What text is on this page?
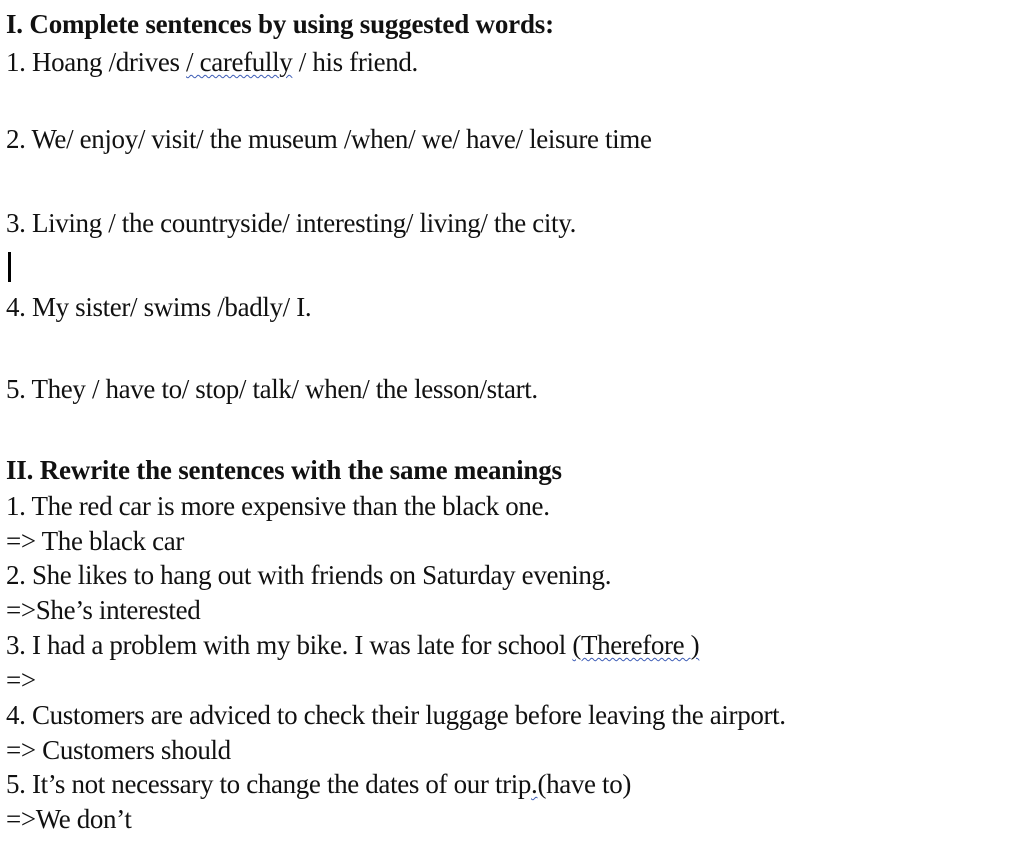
I. Complete sentences by using suggested words:
1. Hoang /drives / carefully / his friend.
2. We/ enjoy/ visit/ the museum /when/ we/ have/ leisure time
3. Living / the countryside/ interesting/ living/ the city.
4. My sister/ swims /badly/ I.
5. They / have to/ stop/ talk/ when/ the lesson/start.
II. Rewrite the sentences with the same meanings
1. The red car is more expensive than the black one.
=> The black car
2. She likes to hang out with friends on Saturday evening.
=>She’s interested
3. I had a problem with my bike. I was late for school (Therefore )
=>
4. Customers are adviced to check their luggage before leaving the airport.
=> Customers should
5. It’s not necessary to change the dates of our trip.(have to)
=>We don’t
